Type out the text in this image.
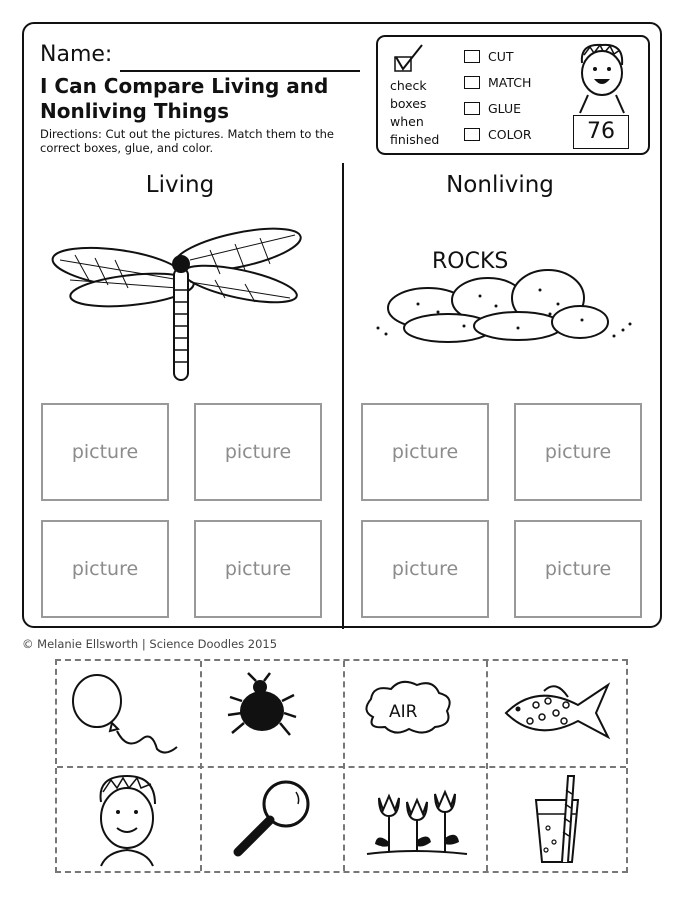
Name:
I Can Compare Living and Nonliving Things
Directions: Cut out the pictures. Match them to the correct boxes, glue, and color.
check boxes when finished
CUT
MATCH
GLUE
COLOR	76
Living	Nonliving
ROCKS
picture	picture
picture	picture
picture	picture
picture	picture
© Melanie Ellsworth | Science Doodles 2015
AIR
